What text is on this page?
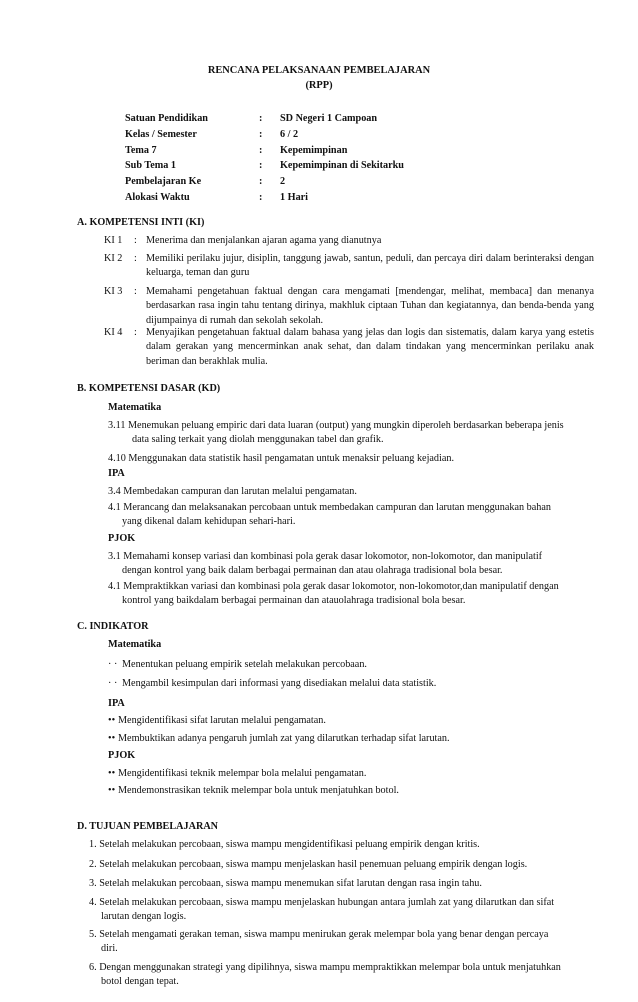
RENCANA PELAKSANAAN PEMBELAJARAN
(RPP)
Satuan Pendidikan	: SD Negeri 1 Campoan
Kelas / Semester	: 6 / 2
Tema 7	: Kepemimpinan
Sub Tema 1	: Kepemimpinan di Sekitarku
Pembelajaran Ke	: 2
Alokasi Waktu	: 1 Hari
A. KOMPETENSI INTI (KI)
KI 1 : Menerima dan menjalankan ajaran agama yang dianutnya
KI 2 : Memiliki perilaku jujur, disiplin, tanggung jawab, santun, peduli, dan percaya diri dalam berinteraksi dengan keluarga, teman dan guru
KI 3 : Memahami pengetahuan faktual dengan cara mengamati [mendengar, melihat, membaca] dan menanya berdasarkan rasa ingin tahu tentang dirinya, makhluk ciptaan Tuhan dan kegiatannya, dan benda-benda yang dijumpainya di rumah dan sekolah sekolah.
KI 4 : Menyajikan pengetahuan faktual dalam bahasa yang jelas dan logis dan sistematis, dalam karya yang estetis dalam gerakan yang mencerminkan anak sehat, dan dalam tindakan yang mencerminkan perilaku anak beriman dan berakhlak mulia.
B. KOMPETENSI DASAR (KD)
Matematika
3.11 Menemukan peluang empiric dari data luaran (output) yang mungkin diperoleh berdasarkan beberapa jenis
data saling terkait yang diolah menggunakan tabel dan grafik.
4.10 Menggunakan data statistik hasil pengamatan untuk menaksir peluang kejadian.
IPA
3.4 Membedakan campuran dan larutan melalui pengamatan.
4.1 Merancang dan melaksanakan percobaan untuk membedakan campuran dan larutan menggunakan bahan
yang dikenal dalam kehidupan sehari-hari.
PJOK
3.1 Memahami konsep variasi dan kombinasi pola gerak dasar lokomotor, non-lokomotor, dan manipulatif
dengan kontrol yang baik dalam berbagai permainan dan atau olahraga tradisional bola besar.
4.1 Mempraktikkan variasi dan kombinasi pola gerak dasar lokomotor, non-lokomotor,dan manipulatif dengan
kontrol yang baikdalam berbagai permainan dan atauolahraga tradisional bola besar.
C. INDIKATOR
Matematika
· · Menentukan peluang empirik setelah melakukan percobaan.
· · Mengambil kesimpulan dari informasi yang disediakan melalui data statistik.
IPA
•• Mengidentifikasi sifat larutan melalui pengamatan.
•• Membuktikan adanya pengaruh jumlah zat yang dilarutkan terhadap sifat larutan.
PJOK
•• Mengidentifikasi teknik melempar bola melalui pengamatan.
•• Mendemonstrasikan teknik melempar bola untuk menjatuhkan botol.
D. TUJUAN PEMBELAJARAN
1. Setelah melakukan percobaan, siswa mampu mengidentifikasi peluang empirik dengan kritis.
2. Setelah melakukan percobaan, siswa mampu menjelaskan hasil penemuan peluang empirik dengan logis.
3. Setelah melakukan percobaan, siswa mampu menemukan sifat larutan dengan rasa ingin tahu.
4. Setelah melakukan percobaan, siswa mampu menjelaskan hubungan antara jumlah zat yang dilarutkan dan sifat
larutan dengan logis.
5. Setelah mengamati gerakan teman, siswa mampu menirukan gerak melempar bola yang benar dengan percaya
diri.
6. Dengan menggunakan strategi yang dipilihnya, siswa mampu mempraktikkan melempar bola untuk menjatuhkan
botol dengan tepat.
